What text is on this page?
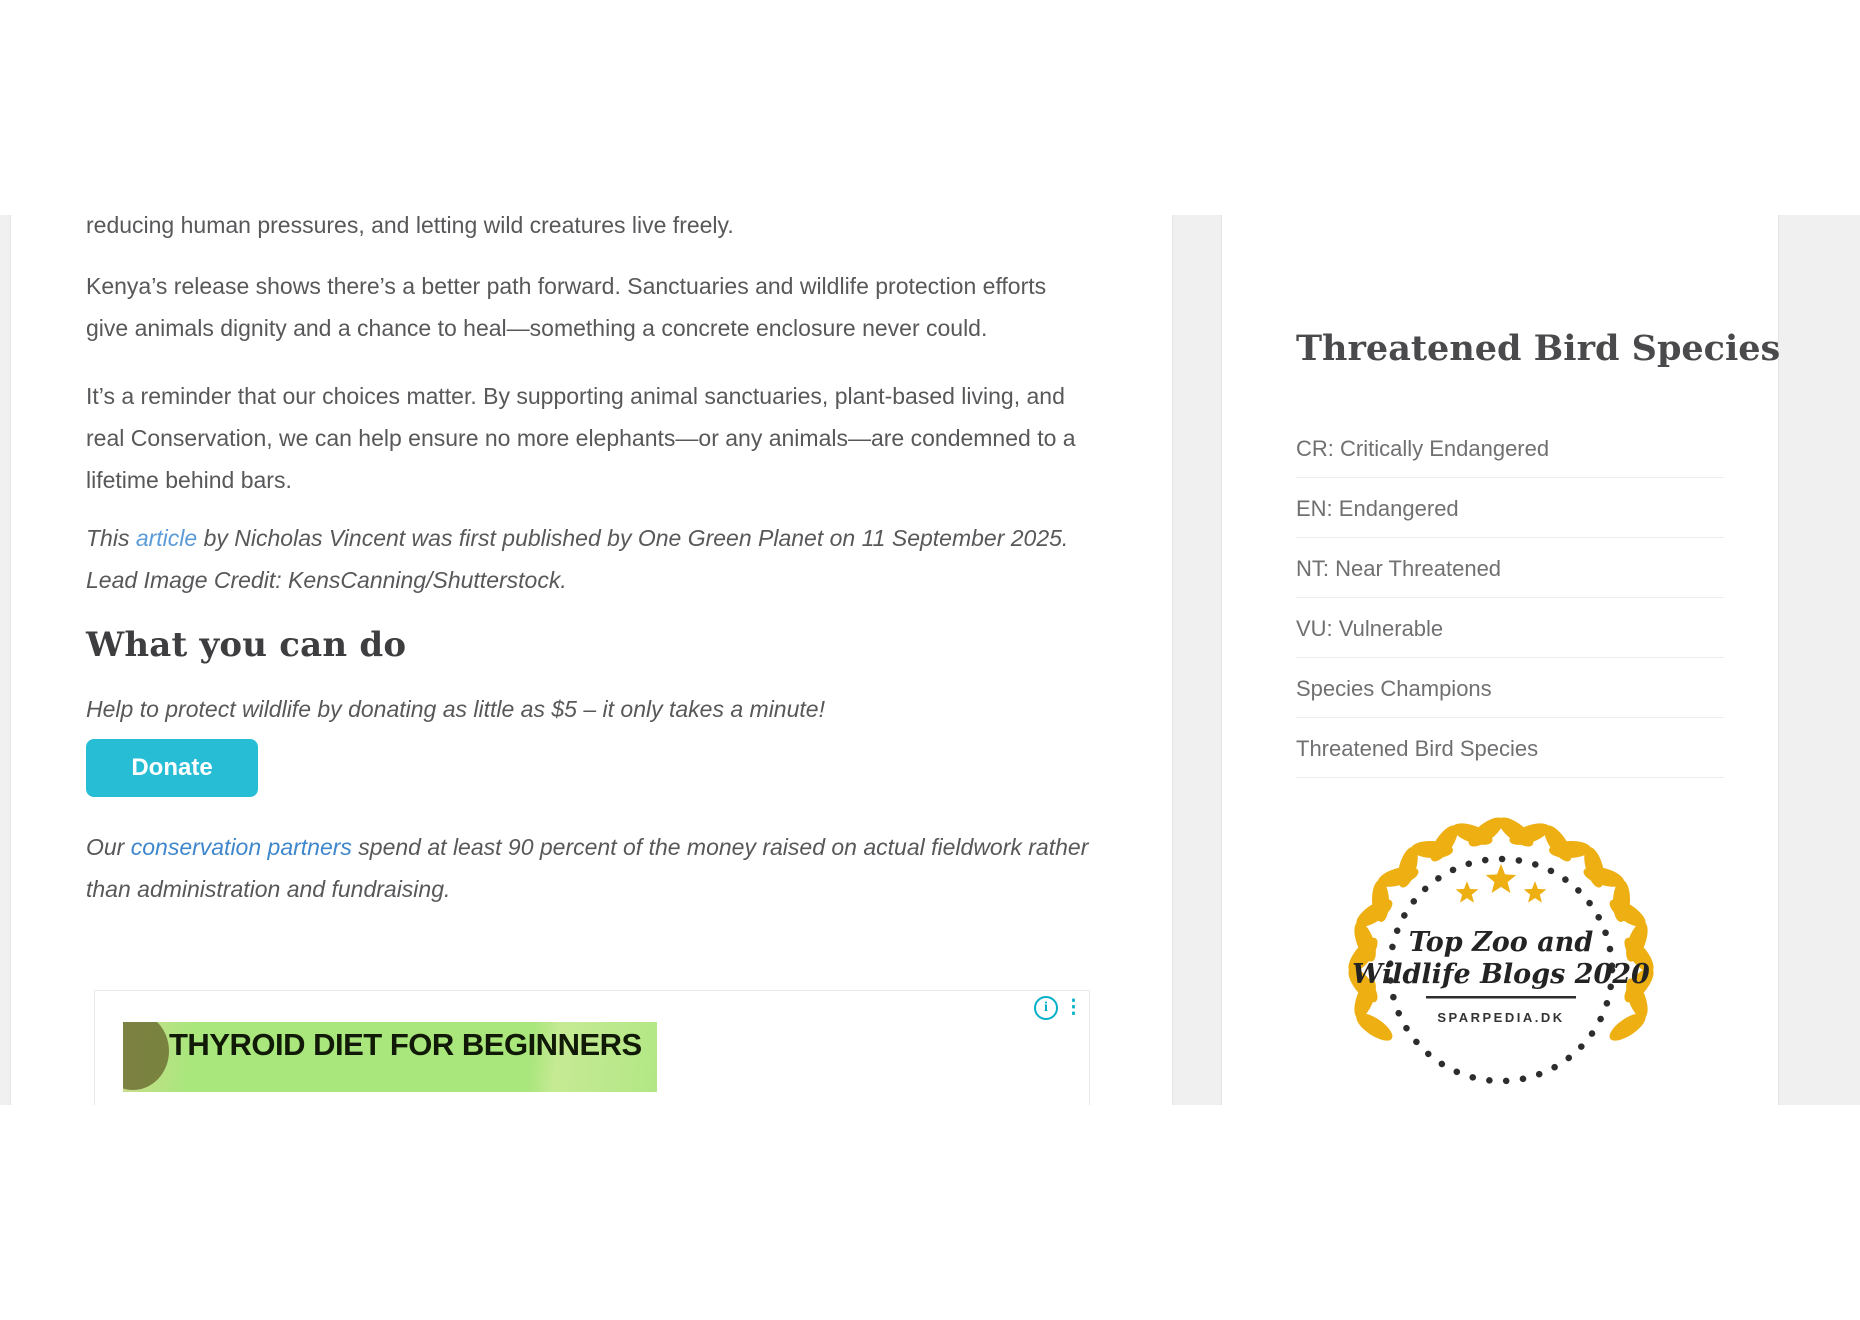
reducing human pressures, and letting wild creatures live freely.

Kenya’s release shows there’s a better path forward. Sanctuaries and wildlife protection efforts give animals dignity and a chance to heal—something a concrete enclosure never could.

It’s a reminder that our choices matter. By supporting animal sanctuaries, plant-based living, and real Conservation, we can help ensure no more elephants—or any animals—are condemned to a lifetime behind bars.

This article by Nicholas Vincent was first published by One Green Planet on 11 September 2025. Lead Image Credit: KensCanning/Shutterstock.

What you can do

Help to protect wildlife by donating as little as $5 – it only takes a minute!

Donate

Our conservation partners spend at least 90 percent of the money raised on actual fieldwork rather than administration and fundraising.

i ⋮
THYROID DIET FOR BEGINNERS
Threatened Bird Species
CR: Critically Endangered
EN: Endangered
NT: Near Threatened
VU: Vulnerable
Species Champions
Threatened Bird Species
Top Zoo and
Wildlife Blogs 2020
SPARPEDIA.DK
